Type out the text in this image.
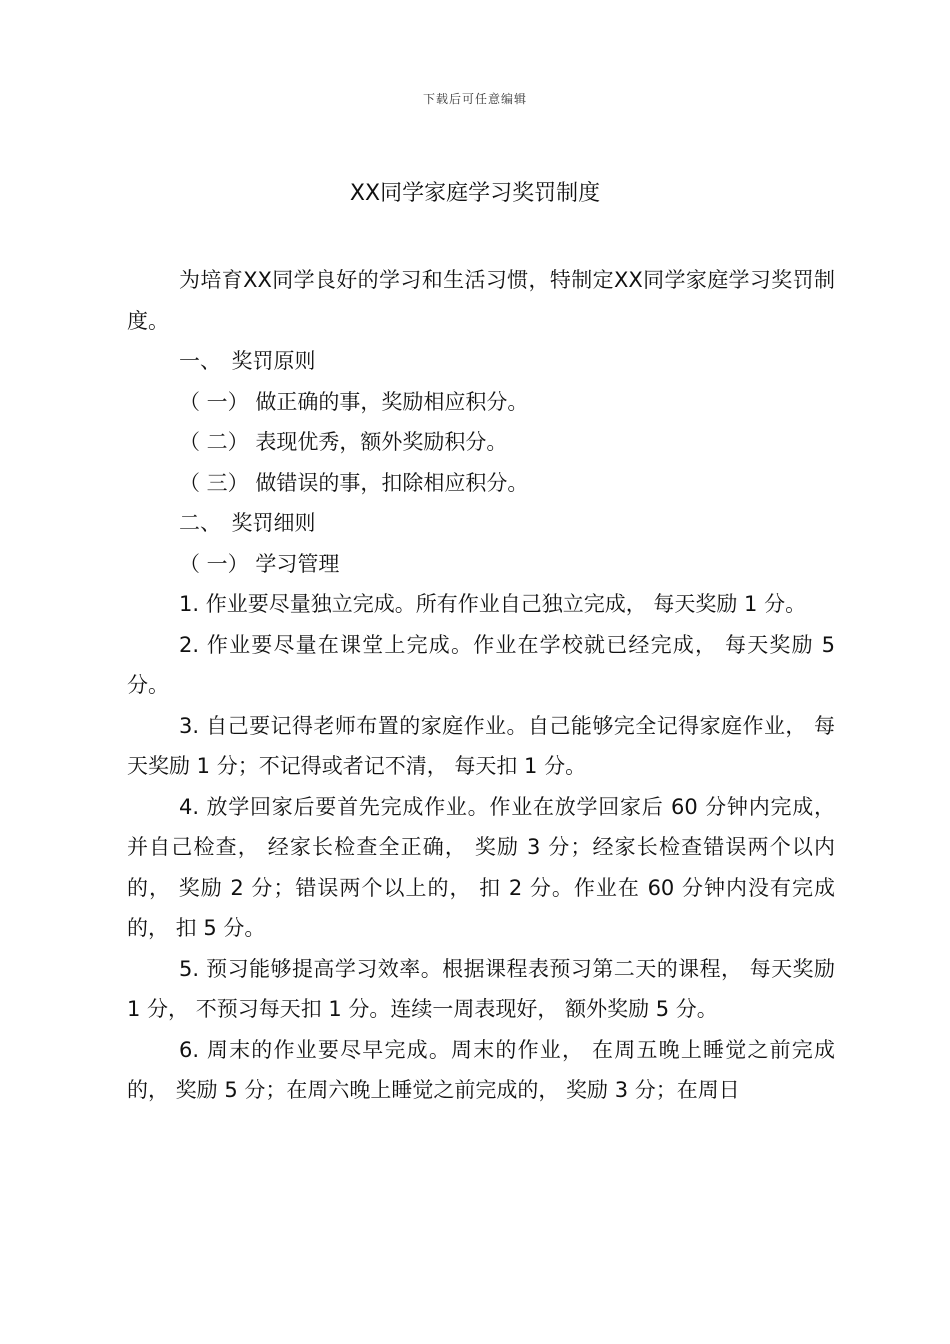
下载后可任意编辑
XX同学家庭学习奖罚制度

为培育XX同学良好的学习和生活习惯，特制定XX同学家庭学习奖罚制度。

一、　奖罚原则

（ 一） 做正确的事，奖励相应积分。

（ 二） 表现优秀，额外奖励积分。

（ 三） 做错误的事，扣除相应积分。

二、　奖罚细则

（ 一） 学习管理

1. 作业要尽量独立完成。所有作业自己独立完成， 每天奖励 1 分。

2. 作业要尽量在课堂上完成。作业在学校就已经完成， 每天奖励 5 分。

3. 自己要记得老师布置的家庭作业。自己能够完全记得家庭作业， 每天奖励 1 分；不记得或者记不清， 每天扣 1 分。

4. 放学回家后要首先完成作业。作业在放学回家后 60 分钟内完成， 并自己检查， 经家长检查全正确， 奖励 3 分；经家长检查错误两个以内的， 奖励 2 分；错误两个以上的， 扣 2 分。作业在 60 分钟内没有完成的， 扣 5 分。

5. 预习能够提高学习效率。根据课程表预习第二天的课程， 每天奖励 1 分， 不预习每天扣 1 分。连续一周表现好， 额外奖励 5 分。

6. 周末的作业要尽早完成。周末的作业， 在周五晚上睡觉之前完成的， 奖励 5 分；在周六晚上睡觉之前完成的， 奖励 3 分；在周日
